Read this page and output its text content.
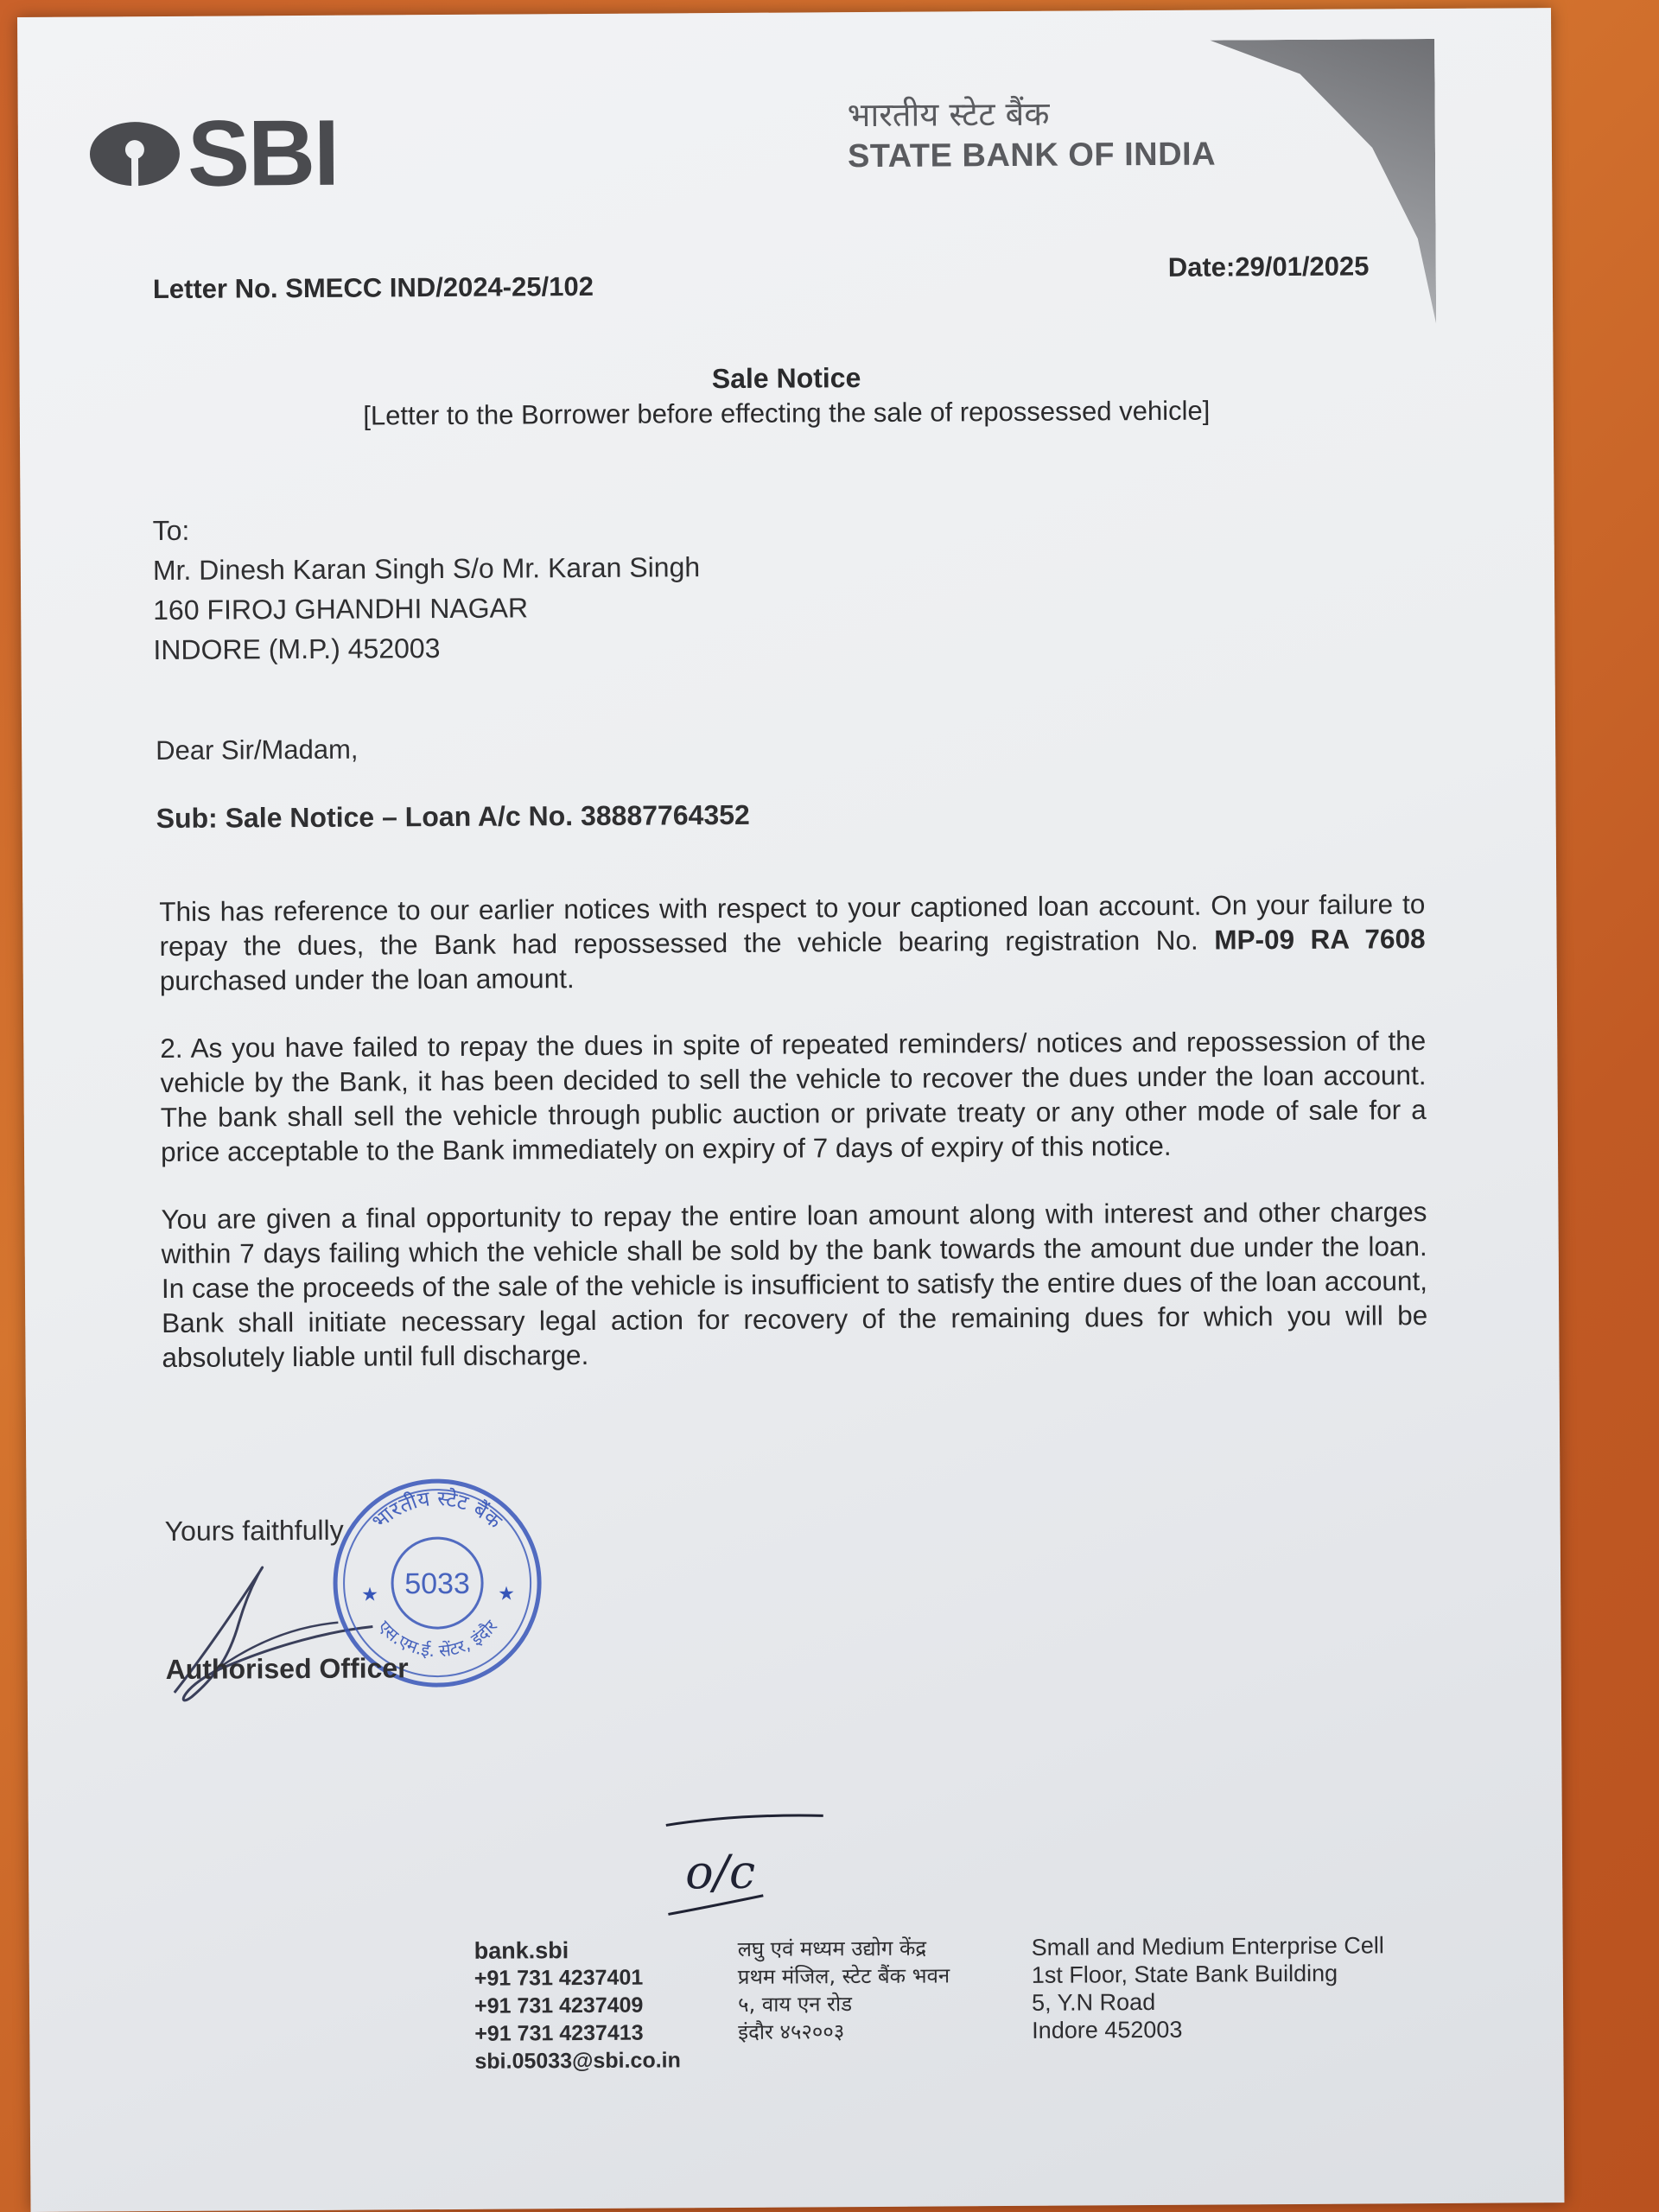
SBI	भारतीय स्टेट बैंक
STATE BANK OF INDIA
Letter No. SMECC IND/2024-25/102
Date:29/01/2025
Sale Notice
[Letter to the Borrower before effecting the sale of repossessed vehicle]
To:
Mr. Dinesh Karan Singh S/o Mr. Karan Singh
160 FIROJ GHANDHI NAGAR
INDORE (M.P.) 452003
Dear Sir/Madam,
Sub: Sale Notice – Loan A/c No. 38887764352
This has reference to our earlier notices with respect to your captioned loan account. On your failure to repay the dues, the Bank had repossessed the vehicle bearing registration No. MP-09 RA 7608 purchased under the loan amount.
2. As you have failed to repay the dues in spite of repeated reminders/ notices and repossession of the vehicle by the Bank, it has been decided to sell the vehicle to recover the dues under the loan account. The bank shall sell the vehicle through public auction or private treaty or any other mode of sale for a price acceptable to the Bank immediately on expiry of 7 days of expiry of this notice.
You are given a final opportunity to repay the entire loan amount along with interest and other charges within 7 days failing which the vehicle shall be sold by the bank towards the amount due under the loan. In case the proceeds of the sale of the vehicle is insufficient to satisfy the entire dues of the loan account, Bank shall initiate necessary legal action for recovery of the remaining dues for which you will be absolutely liable until full discharge.
Yours faithfully भारतीय स्टेट बैंक
एस.एम.ई. सेंटर, इंदौर
5033
★	★
Authorised Officer
o/c
bank.sbi
+91 731 4237401
+91 731 4237409
+91 731 4237413
sbi.05033@sbi.co.in
लघु एवं मध्यम उद्योग केंद्र
प्रथम मंजिल, स्टेट बैंक भवन
५, वाय एन रोड
इंदौर ४५२००३
Small and Medium Enterprise Cell
1st Floor, State Bank Building
5, Y.N Road
Indore 452003
